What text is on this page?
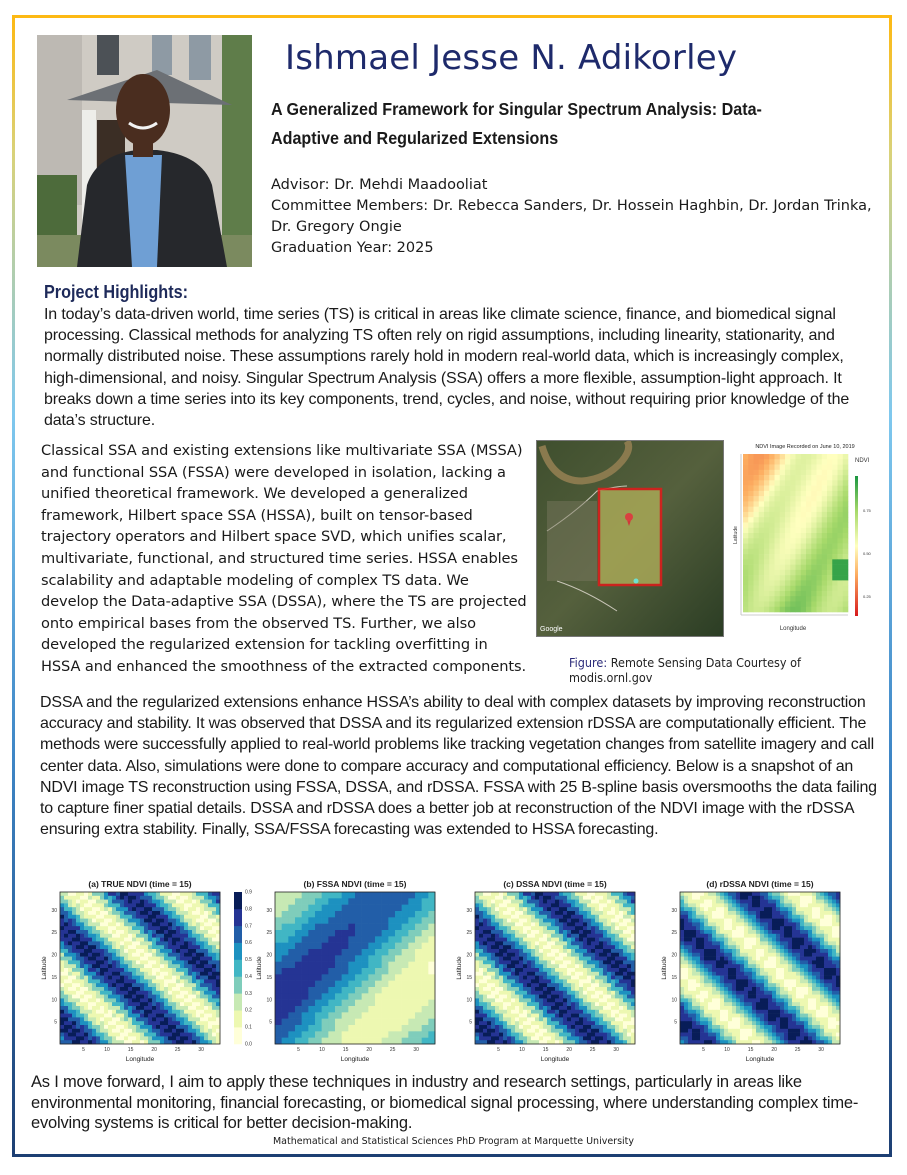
Ishmael Jesse N. Adikorley
A Generalized Framework for Singular Spectrum Analysis: Data-Adaptive and Regularized Extensions
Advisor: Dr. Mehdi Maadooliat
Committee Members: Dr. Rebecca Sanders, Dr. Hossein Haghbin, Dr. Jordan Trinka,
Dr. Gregory Ongie
Graduation Year: 2025
Project Highlights:
In today’s data-driven world, time series (TS) is critical in areas like climate science, finance, and biomedical signal processing. Classical methods for analyzing TS often rely on rigid assumptions, including linearity, stationarity, and normally distributed noise. These assumptions rarely hold in modern real-world data, which is increasingly complex, high-dimensional, and noisy. Singular Spectrum Analysis (SSA) offers a more flexible, assumption-light approach. It breaks down a time series into its key components, trend, cycles, and noise, without requiring prior knowledge of the data’s structure.
Classical SSA and existing extensions like multivariate SSA (MSSA) and functional SSA (FSSA) were developed in isolation, lacking a unified theoretical framework. We developed a generalized framework, Hilbert space SSA (HSSA), built on tensor-based trajectory operators and Hilbert space SVD, which unifies scalar, multivariate, functional, and structured time series. HSSA enables scalability and adaptable modeling of complex TS data. We develop the Data-adaptive SSA (DSSA), where the TS are projected onto empirical bases from the observed TS. Further, we also developed the regularized extension for tackling overfitting in HSSA and enhanced the smoothness of the extracted components.
Google
NDVI Image Recorded on June 10, 2019
Longitude
Latitude
NDVI
0.75
0.50
0.25
Figure: Remote Sensing Data Courtesy of modis.ornl.gov
DSSA and the regularized extensions enhance HSSA’s ability to deal with complex datasets by improving reconstruction accuracy and stability. It was observed that DSSA and its regularized extension rDSSA are computationally efficient. The methods were successfully applied to real-world problems like tracking vegetation changes from satellite imagery and call center data. Also, simulations were done to compare accuracy and computational efficiency. Below is a snapshot of an NDVI image TS reconstruction using FSSA, DSSA, and rDSSA. FSSA with 25 B-spline basis oversmooths the data failing to capture finer spatial details. DSSA and rDSSA does a better job at reconstruction of the NDVI image with the rDSSA ensuring extra stability. Finally, SSA/FSSA forecasting was extended to HSSA forecasting.
(a) TRUE NDVI (time = 15)
5	10	15	20	25	30
5
10
15
20
25
30
Longitude
Latitude
0.0
0.1
0.2
0.3
0.4
0.5
0.6
0.7
0.8
0.9
(b) FSSA NDVI (time = 15)
5	10	15	20	25	30
5
10
15
20
25
30
Longitude
Latitude
(c) DSSA NDVI (time = 15)
5	10	15	20	25	30
5
10
15
20
25
30
Longitude
Latitude
(d) rDSSA NDVI (time = 15)
5	10	15	20	25	30
5
10
15
20
25
30
Longitude
Latitude
As I move forward, I aim to apply these techniques in industry and research settings, particularly in areas like environmental monitoring, financial forecasting, or biomedical signal processing, where understanding complex time-evolving systems is critical for better decision-making.
Mathematical and Statistical Sciences PhD Program at Marquette University
